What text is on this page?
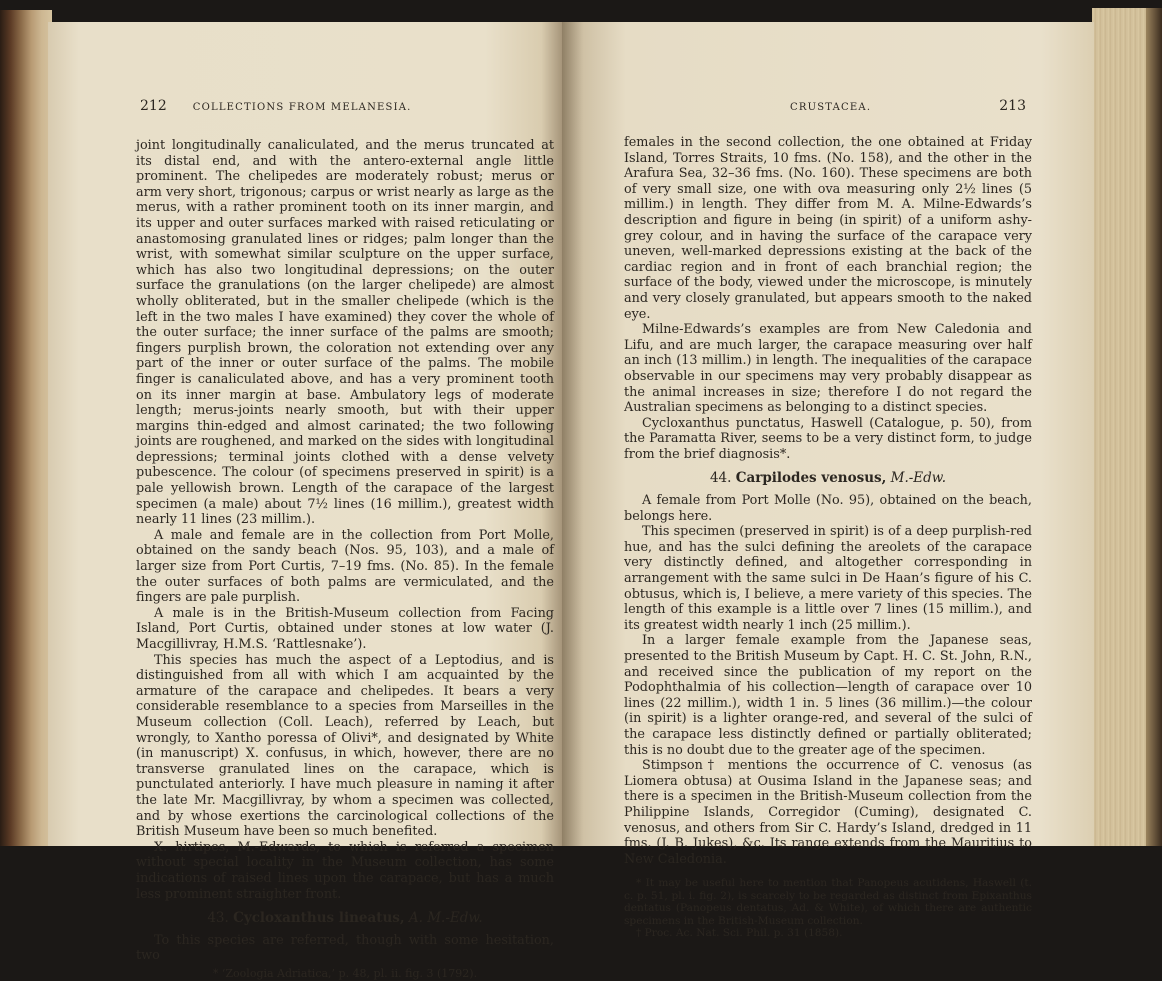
212	COLLECTIONS FROM MELANESIA.

joint longitudinally canaliculated, and the merus truncated at its distal end, and with the antero-external angle little prominent. The chelipedes are moderately robust; merus or arm very short, trigonous; carpus or wrist nearly as large as the merus, with a rather prominent tooth on its inner margin, and its upper and outer surfaces marked with raised reticulating or anastomosing granulated lines or ridges; palm longer than the wrist, with somewhat similar sculpture on the upper surface, which has also two longitudinal depressions; on the outer surface the granulations (on the larger chelipede) are almost wholly obliterated, but in the smaller chelipede (which is the left in the two males I have examined) they cover the whole of the outer surface; the inner surface of the palms are smooth; fingers purplish brown, the coloration not extending over any part of the inner or outer surface of the palms. The mobile finger is canaliculated above, and has a very prominent tooth on its inner margin at base. Ambulatory legs of moderate length; merus-joints nearly smooth, but with their upper margins thin-edged and almost carinated; the two following joints are roughened, and marked on the sides with longitudinal depressions; terminal joints clothed with a dense velvety pubescence. The colour (of specimens preserved in spirit) is a pale yellowish brown. Length of the carapace of the largest specimen (a male) about 7½ lines (16 millim.), greatest width nearly 11 lines (23 millim.).

A male and female are in the collection from Port Molle, obtained on the sandy beach (Nos. 95, 103), and a male of larger size from Port Curtis, 7–19 fms. (No. 85). In the female the outer surfaces of both palms are vermiculated, and the fingers are pale purplish.

A male is in the British-Museum collection from Facing Island, Port Curtis, obtained under stones at low water (J. Macgillivray, H.M.S. ‘Rattlesnake’).

This species has much the aspect of a Leptodius, and is distinguished from all with which I am acquainted by the armature of the carapace and chelipedes. It bears a very considerable resemblance to a species from Marseilles in the Museum collection (Coll. Leach), referred by Leach, but wrongly, to Xantho poressa of Olivi*, and designated by White (in manuscript) X. confusus, in which, however, there are no transverse granulated lines on the carapace, which is punctulated anteriorly. I have much pleasure in naming it after the late Mr. Macgillivray, by whom a specimen was collected, and by whose exertions the carcinological collections of the British Museum have been so much benefited.

X. hirtipes, M.-Edwards, to which is referred a specimen without special locality in the Museum collection, has some indications of raised lines upon the carapace, but has a much less prominent straighter front.

43. Cycloxanthus lineatus, A. M.-Edw.

To this species are referred, though with some hesitation, two

* ‘Zoologia Adriatica,’ p. 48, pl. ii. fig. 3 (1792).
CRUSTACEA.	213

females in the second collection, the one obtained at Friday Island, Torres Straits, 10 fms. (No. 158), and the other in the Arafura Sea, 32–36 fms. (No. 160). These specimens are both of very small size, one with ova measuring only 2½ lines (5 millim.) in length. They differ from M. A. Milne-Edwards’s description and figure in being (in spirit) of a uniform ashy-grey colour, and in having the surface of the carapace very uneven, well-marked depressions existing at the back of the cardiac region and in front of each branchial region; the surface of the body, viewed under the microscope, is minutely and very closely granulated, but appears smooth to the naked eye.

Milne-Edwards’s examples are from New Caledonia and Lifu, and are much larger, the carapace measuring over half an inch (13 millim.) in length. The inequalities of the carapace observable in our specimens may very probably disappear as the animal increases in size; therefore I do not regard the Australian specimens as belonging to a distinct species.

Cycloxanthus punctatus, Haswell (Catalogue, p. 50), from the Paramatta River, seems to be a very distinct form, to judge from the brief diagnosis*.

44. Carpilodes venosus, M.-Edw.

A female from Port Molle (No. 95), obtained on the beach, belongs here.

This specimen (preserved in spirit) is of a deep purplish-red hue, and has the sulci defining the areolets of the carapace very distinctly defined, and altogether corresponding in arrangement with the same sulci in De Haan’s figure of his C. obtusus, which is, I believe, a mere variety of this species. The length of this example is a little over 7 lines (15 millim.), and its greatest width nearly 1 inch (25 millim.).

In a larger female example from the Japanese seas, presented to the British Museum by Capt. H. C. St. John, R.N., and received since the publication of my report on the Podophthalmia of his collection—length of carapace over 10 lines (22 millim.), width 1 in. 5 lines (36 millim.)—the colour (in spirit) is a lighter orange-red, and several of the sulci of the carapace less distinctly defined or partially obliterated; this is no doubt due to the greater age of the specimen.

Stimpson† mentions the occurrence of C. venosus (as Liomera obtusa) at Ousima Island in the Japanese seas; and there is a specimen in the British-Museum collection from the Philippine Islands, Corregidor (Cuming), designated C. venosus, and others from Sir C. Hardy’s Island, dredged in 11 fms. (J. B. Jukes), &c. Its range extends from the Mauritius to New Caledonia.

* It may be useful here to mention that Panopeus acutidens, Haswell (t. c. p. 51, pl. i. fig. 2), is scarcely to be regarded as distinct from Epixanthus dentatus (Panopeus dentatus, Ad. & White), of which there are authentic specimens in the British-Museum collection.

† Proc. Ac. Nat. Sci. Phil. p. 31 (1858).
